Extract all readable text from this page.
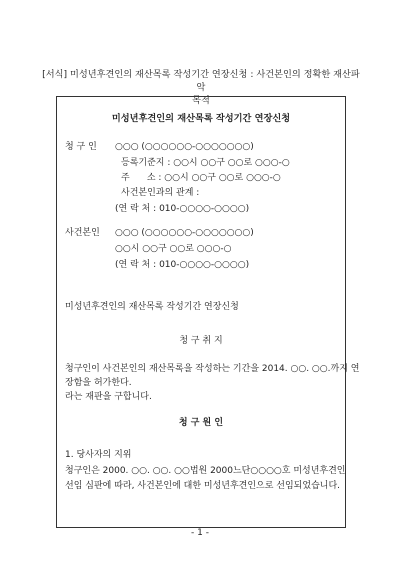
[서식] 미성년후견인의 재산목록 작성기간 연장신청 : 사건본인의 정확한 재산파악
목적
미성년후견인의 재산목록 작성기간 연장신청
청 구 인 ○○○ (○○○○○○-○○○○○○○)
등록기준지 : ○○시 ○○구 ○○로 ○○○-○
주      소 : ○○시 ○○구 ○○로 ○○○-○
사건본인과의 관계 :
(연 락 처 : 010-○○○○-○○○○)
사건본인 ○○○ (○○○○○○-○○○○○○○)
○○시 ○○구 ○○로 ○○○-○
(연 락 처 : 010-○○○○-○○○○)
미성년후견인의 재산목록 작성기간 연장신청
청 구 취 지
청구인이 사건본인의 재산목록을 작성하는 기간을 2014. ○○. ○○.까지 연
장함을 허가한다.
라는 재판을 구합니다.
청 구 원 인
1. 당사자의 지위
청구인은 2000. ○○. ○○. ○○법원 2000느단○○○○호 미성년후견인
선임 심판에 따라, 사건본인에 대한 미성년후견인으로 선임되었습니다.
- 1 -
